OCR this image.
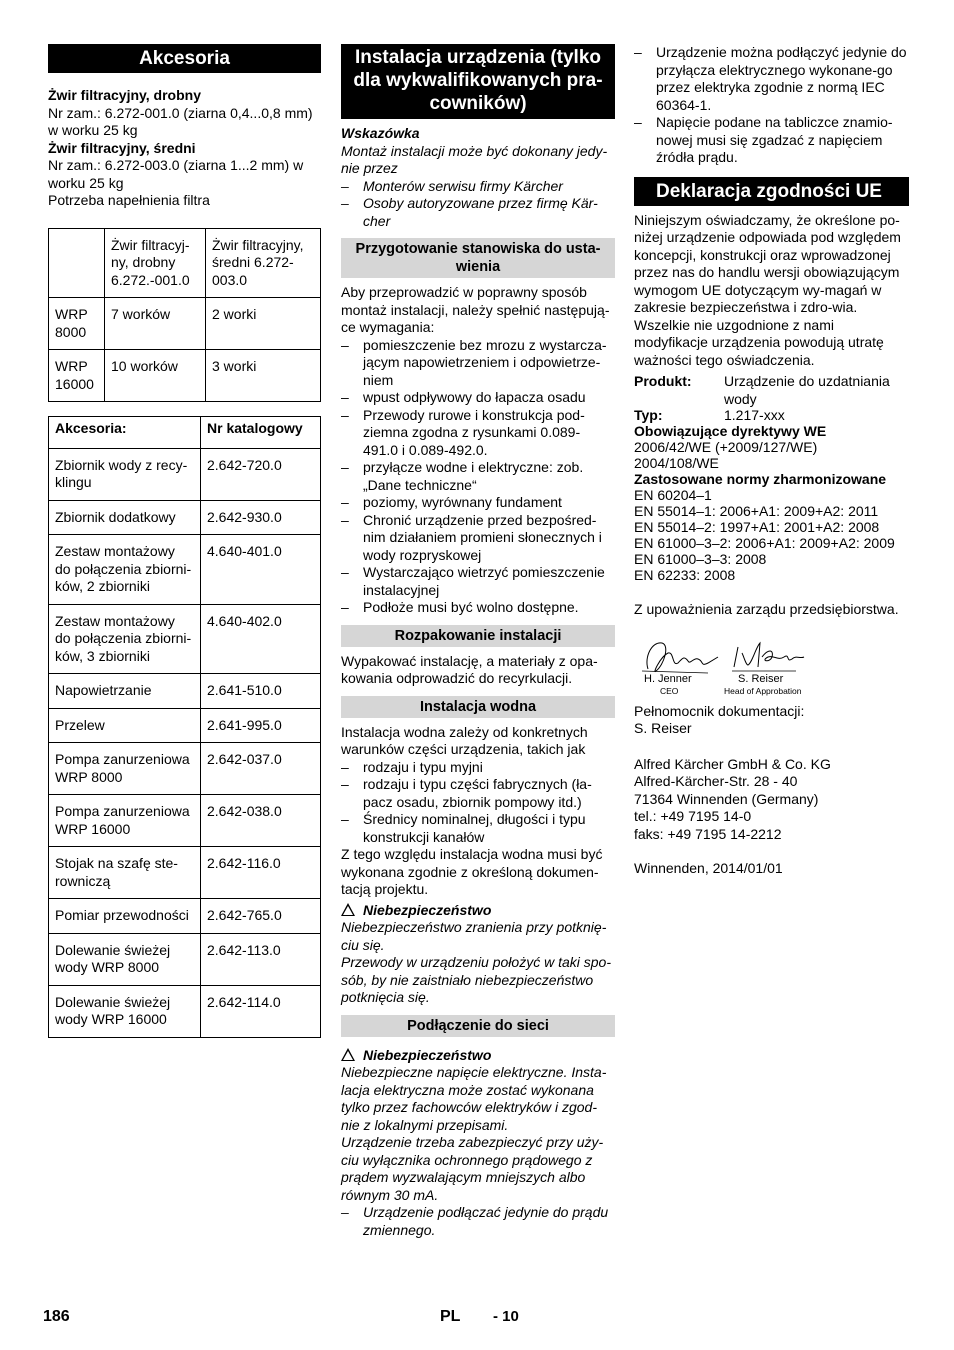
Akcesoria

Żwir filtracyjny, drobny

Nr zam.: 6.272-001.0 (ziarna 0,4...0,8 mm) w worku 25 kg

Żwir filtracyjny, średni

Nr zam.: 6.272-003.0 (ziarna 1...2 mm) w worku 25 kg

Potrzeba napełnienia filtra

	Żwir filtracyj-ny, drobny 6.272.-001.0	Żwir filtracyjny, średni 6.272-003.0
WRP 8000	7 worków	2 worki
WRP 16000	10 worków	3 worki
Akcesoria:	Nr katalogowy
Zbiornik wody z recy-klingu	2.642-720.0
Zbiornik dodatkowy	2.642-930.0
Zestaw montażowy do połączenia zbiorni-ków, 2 zbiorniki	4.640-401.0
Zestaw montażowy do połączenia zbiorni-ków, 3 zbiorniki	4.640-402.0
Napowietrzanie	2.641-510.0
Przelew	2.641-995.0
Pompa zanurzeniowa WRP 8000	2.642-037.0
Pompa zanurzeniowa WRP 16000	2.642-038.0
Stojak na szafę ste-rowniczą	2.642-116.0
Pomiar przewodności	2.642-765.0
Dolewanie świeżej wody WRP 8000	2.642-113.0
Dolewanie świeżej wody WRP 16000	2.642-114.0
Instalacja urządzenia (tylko dla wykwalifikowanych pra-cowników)

Wskazówka

Montaż instalacji może być dokonany jedy-nie przez

– Monterów serwisu firmy Kärcher
– Osoby autoryzowane przez firmę Kär-cher
Przygotowanie stanowiska do usta-wienia

Aby przeprowadzić w poprawny sposób montaż instalacji, należy spełnić następują-ce wymagania:

– pomieszczenie bez mrozu z wystarcza-jącym napowietrzeniem i odpowietrze-niem
– wpust odpływowy do łapacza osadu
– Przewody rurowe i konstrukcja pod-ziemna zgodna z rysunkami 0.089-491.0 i 0.089-492.0.
– przyłącze wodne i elektryczne: zob. „Dane techniczne“
– poziomy, wyrównany fundament
– Chronić urządzenie przed bezpośred-nim działaniem promieni słonecznych i wody rozpryskowej
– Wystarczająco wietrzyć pomieszczenie instalacyjnej
– Podłoże musi być wolno dostępne.
Rozpakowanie instalacji

Wypakować instalację, a materiały z opa-kowania odprowadzić do recyrkulacji.

Instalacja wodna

Instalacja wodna zależy od konkretnych warunków części urządzenia, takich jak

– rodzaju i typu myjni
– rodzaju i typu części fabrycznych (ła-pacz osadu, zbiornik pompowy itd.)
– Średnicy nominalnej, długości i typu konstrukcji kanałów

Z tego względu instalacja wodna musi być wykonana zgodnie z określoną dokumen-tacją projektu.

Niebezpieczeństwo

Niebezpieczeństwo zranienia przy potknię-ciu się.

Przewody w urządzeniu położyć w taki spo-sób, by nie zaistniało niebezpieczeństwo potknięcia się.

Podłączenie do sieci

Niebezpieczeństwo

Niebezpieczne napięcie elektryczne. Insta-lacja elektryczna może zostać wykonana tylko przez fachowców elektryków i zgod-nie z lokalnymi przepisami.

Urządzenie trzeba zabezpieczyć przy uży-ciu wyłącznika ochronnego prądowego z prądem wyzwalającym mniejszych albo równym 30 mA.

– Urządzenie podłączać jedynie do prądu zmiennego.
– Urządzenie można podłączyć jedynie do przyłącza elektrycznego wykonane-go przez elektryka zgodnie z normą IEC 60364-1.
– Napięcie podane na tabliczce znamio-nowej musi się zgadzać z napięciem źródła prądu.
Deklaracja zgodności UE

Niniejszym oświadczamy, że określone po-niżej urządzenie odpowiada pod względem koncepcji, konstrukcji oraz wprowadzonej przez nas do handlu wersji obowiązującym wymogom UE dotyczącym wy-magań w zakresie bezpieczeństwa i zdro-wia. Wszelkie nie uzgodnione z nami modyfikacje urządzenia powodują utratę ważności tego oświadczenia.

Produkt:	Urządzenie do uzdatniania wody
Typ:	1.217-xxx

Obowiązujące dyrektywy WE

2006/42/WE (+2009/127/WE)

2004/108/WE

Zastosowane normy zharmonizowane

EN 60204–1

EN 55014–1: 2006+A1: 2009+A2: 2011

EN 55014–2: 1997+A1: 2001+A2: 2008

EN 61000–3–2: 2006+A1: 2009+A2: 2009

EN 61000–3–3: 2008

EN 62233: 2008

Z upoważnienia zarządu przedsiębiorstwa.

H. Jenner
CEO
S. Reiser
Head of Approbation

Pełnomocnik dokumentacji:

S. Reiser

Alfred Kärcher GmbH & Co. KG

Alfred-Kärcher-Str. 28 - 40

71364 Winnenden (Germany)

tel.: +49 7195 14-0

faks: +49 7195 14-2212

Winnenden, 2014/01/01

186	PL - 10
